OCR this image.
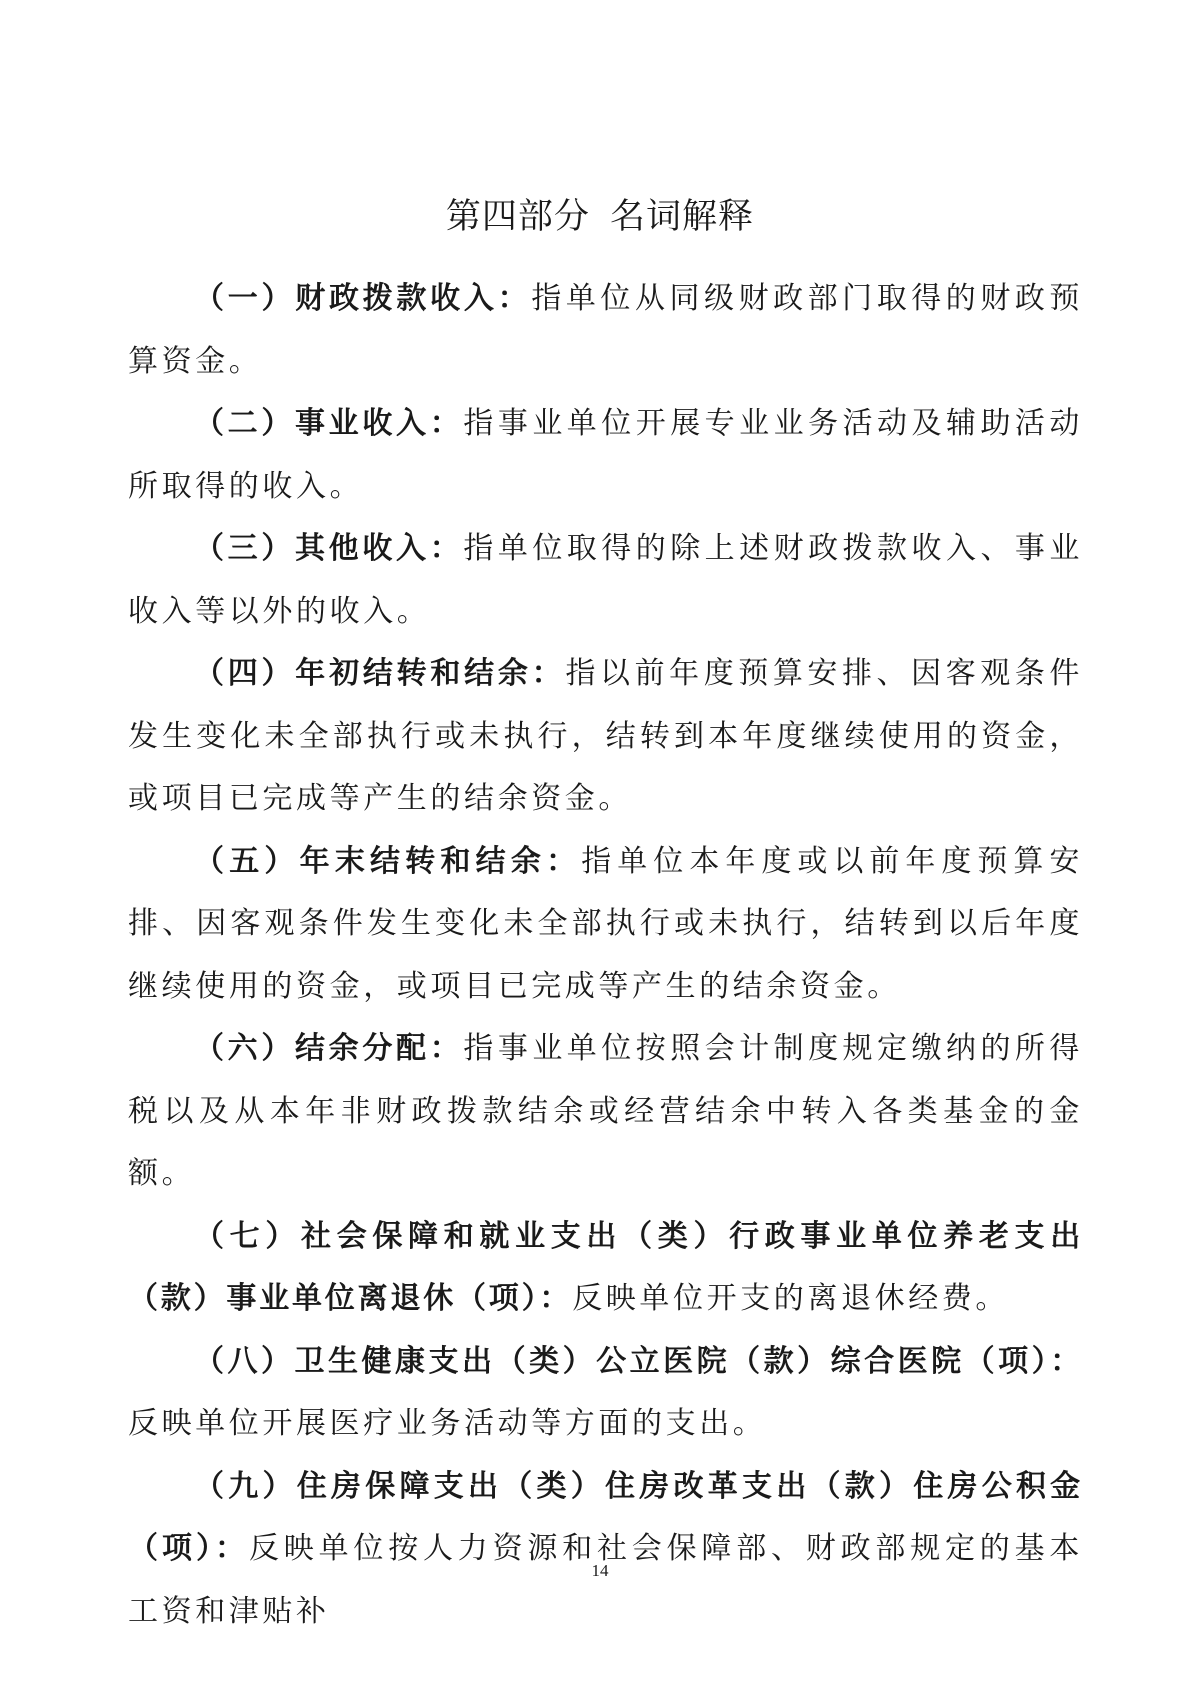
第四部分 名词解释

（一）财政拨款收入：指单位从同级财政部门取得的财政预算资金。

（二）事业收入：指事业单位开展专业业务活动及辅助活动所取得的收入。

（三）其他收入：指单位取得的除上述财政拨款收入、事业收入等以外的收入。

（四）年初结转和结余：指以前年度预算安排、因客观条件发生变化未全部执行或未执行，结转到本年度继续使用的资金，或项目已完成等产生的结余资金。

（五）年末结转和结余：指单位本年度或以前年度预算安排、因客观条件发生变化未全部执行或未执行，结转到以后年度继续使用的资金，或项目已完成等产生的结余资金。

（六）结余分配：指事业单位按照会计制度规定缴纳的所得税以及从本年非财政拨款结余或经营结余中转入各类基金的金额。

（七）社会保障和就业支出（类）行政事业单位养老支出（款）事业单位离退休（项）：反映单位开支的离退休经费。

（八）卫生健康支出（类）公立医院（款）综合医院（项）：反映单位开展医疗业务活动等方面的支出。

（九）住房保障支出（类）住房改革支出（款）住房公积金（项）：反映单位按人力资源和社会保障部、财政部规定的基本工资和津贴补

14
